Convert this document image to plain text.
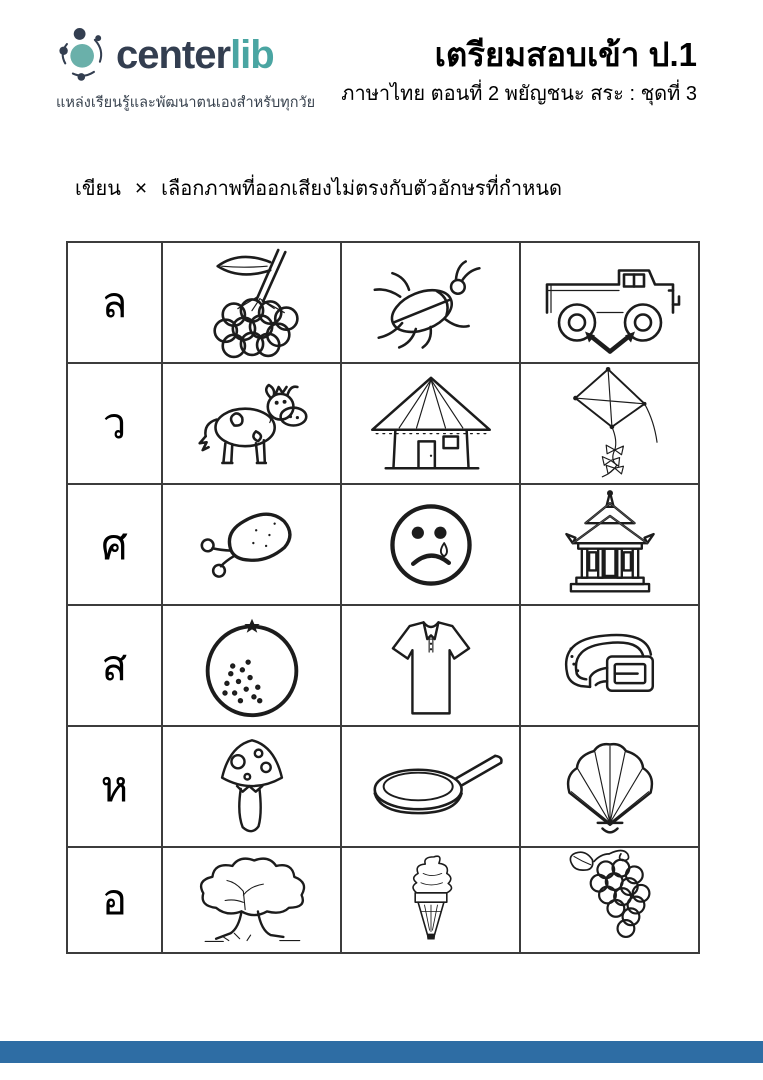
centerlib
แหล่งเรียนรู้และพัฒนาตนเองสำหรับทุกวัย
เตรียมสอบเข้า ป.1
ภาษาไทย ตอนที่ 2 พยัญชนะ สระ : ชุดที่ 3
เขียน × เลือกภาพที่ออกเสียงไม่ตรงกับตัวอักษรที่กำหนด
ล	

ว	

ศ	

ส	

ห	

อ	
